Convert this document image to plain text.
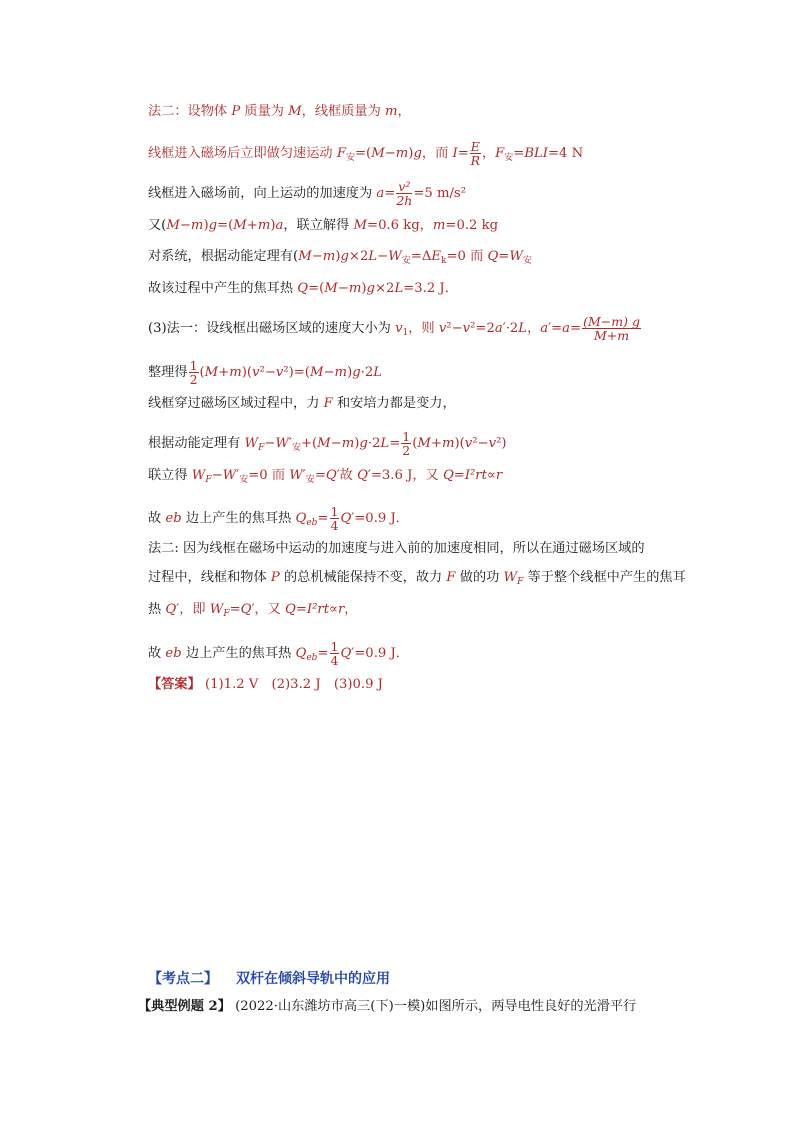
法二：设物体 P 质量为 M，线框质量为 m，
线框进入磁场后立即做匀速运动 $F_安=(M-m)g$，而 $I= \frac{E}{R}$ ，$F_安=BLI=4$ N
线框进入磁场前，向上运动的加速度为 $a= \frac{\text{v²}}{2h} =5$ m/s²
又(M−m)g=(M+m)a，联立解得 M=0.6 kg，m=0.2 kg
对系统，根据动能定理有$(M-m)g\times 2L-W_安=\Delta E_k=0$ 而 $Q=W_安$
故该过程中产生的焦耳热 Q=(M−m)g×2L=3.2 J．
(3)法一：设线框出磁场区域的速度大小为 $v_1$，则 v²−v²=2a′·2L，$a'=a= \frac{(M-m) g}{M+m}$
整理得 $\frac{1}{2} (M+m)(v^2-v^2)=(M-m)g\cdot 2L$
线框穿过磁场区域过程中，力 F 和安培力都是变力，
根据动能定理有 $W_F-W'_安+(M-m)g\cdot 2L= \frac{1}{2} (M+m)(v^2-v^2)$
联立得 $W_F-W'_安=0$ 而 $W'_安=Q'$故 Q′=3.6 J，又 Q=I²rt∝r
故 eb 边上产生的焦耳热 $Q_{eb}= \frac{1}{4} Q'=0.9$ J．
法二: 因为线框在磁场中运动的加速度与进入前的加速度相同，所以在通过磁场区域的
过程中，线框和物体 P 的总机械能保持不变，故力 F 做的功 $W_F$ 等于整个线框中产生的焦耳
热 Q′，即 $W_F=Q'$，又 Q=I²rt∝r，
故 eb 边上产生的焦耳热 $Q_{eb}= \frac{1}{4} Q'=0.9$ J．
【答案】 (1)1.2 V　(2)3.2 J　(3)0.9 J
【考点二】 双杆在倾斜导轨中的应用
【典型例题 2】 (2022·山东潍坊市高三(下)一模)如图所示，两导电性良好的光滑平行
